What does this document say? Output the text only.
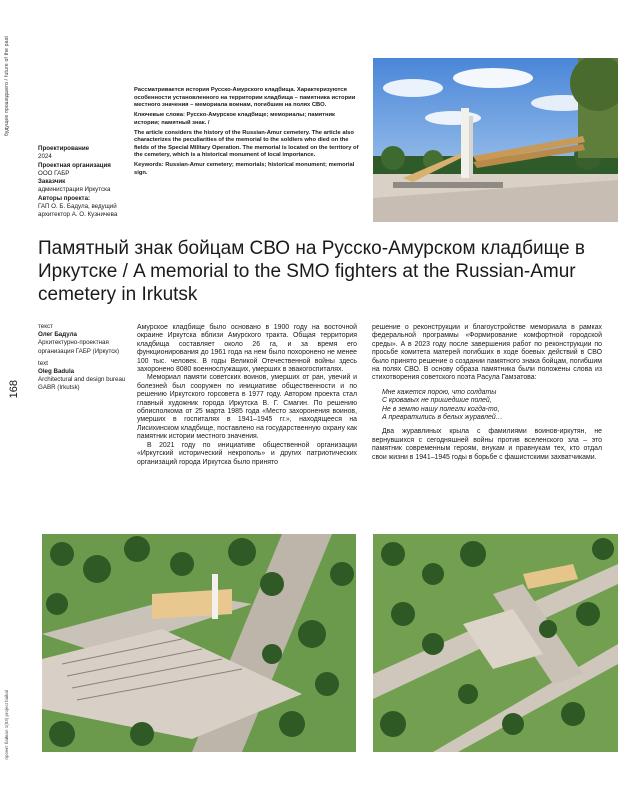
будущее прошедшего / future of the past
168
проект байкал 1(83) project baikal
Проектирование
2024
Проектная организация
ООО ГАБР
Заказчик
администрация Иркутска
Авторы проекта:
ГАП О. Б. Бадула, ведущий архитектор А. О. Кузничева

Рассматривается история Русско-Амурского кладбища. Характеризуются особенности установленного на территории кладбища – памятника истории местного значения – мемориала воинам, погибшим на полях СВО.

Ключевые слова: Русско-Амурское кладбище; мемориалы; памятник истории; памятный знак. /

The article considers the history of the Russian-Amur cemetery. The article also characterizes the peculiarities of the memorial to the soldiers who died on the fields of the Special Military Operation. The memorial is located on the territory of the cemetery, which is a historical monument of local importance.

Keywords: Russian-Amur cemetery; memorials; historical monument; memorial sign.

Памятный знак бойцам СВО на Русско-Амурском кладбище в Иркутске / A memorial to the SMO fighters at the Russian-Amur cemetery in Irkutsk
текст
Олег Бадула
Архитектурно-проектная организация ГАБР (Иркутск)
text
Oleg Badula
Architectural and design bureau GABR (Irkutsk)

Амурское кладбище было основано в 1900 году на восточной окраине Иркутска вблизи Амурского тракта. Общая территория кладбища составляет около 26 га, и за время его функционирования до 1961 года на нем было похоронено не менее 100 тыс. человек. В годы Великой Отечественной войны здесь захоронено 8080 военнослужащих, умерших в эвакогоспиталях.

Мемориал памяти советских воинов, умерших от ран, увечий и болезней был сооружен по инициативе общественности и по решению Иркутского горсовета в 1977 году. Автором проекта стал главный художник города Иркутска В. Г. Смагин. По решению облисполкома от 25 марта 1985 года «Место захоронения воинов, умерших в госпиталях в 1941–1945 гг.», находящееся на Лисихинском кладбище, поставлено на государственную охрану как памятник истории местного значения.

В 2021 году по инициативе общественной организации «Иркутский исторический некрополь» и других патриотических организаций города Иркутска было принято

решение о реконструкции и благоустройстве мемориала в рамках федеральной программы «Формирование комфортной городской среды». А в 2023 году после завершения работ по реконструкции по просьбе комитета матерей погибших в ходе боевых действий в СВО было принято решение о создании памятного знака бойцам, погибшим на полях СВО. В основу образа памятника были положены слова из стихотворения советского поэта Расула Гамзатова:

Мне кажется порою, что солдаты
С кровавых не пришедшие полей,
Не в землю нашу полегли когда-то,
А превратились в белых журавлей…

Два журавлиных крыла с фамилиями воинов-иркутян, не вернувшихся с сегодняшней войны против вселенского зла – это памятник современным героям, внукам и правнукам тех, кто отдал свои жизни в 1941–1945 годы в борьбе с фашистскими захватчиками.
